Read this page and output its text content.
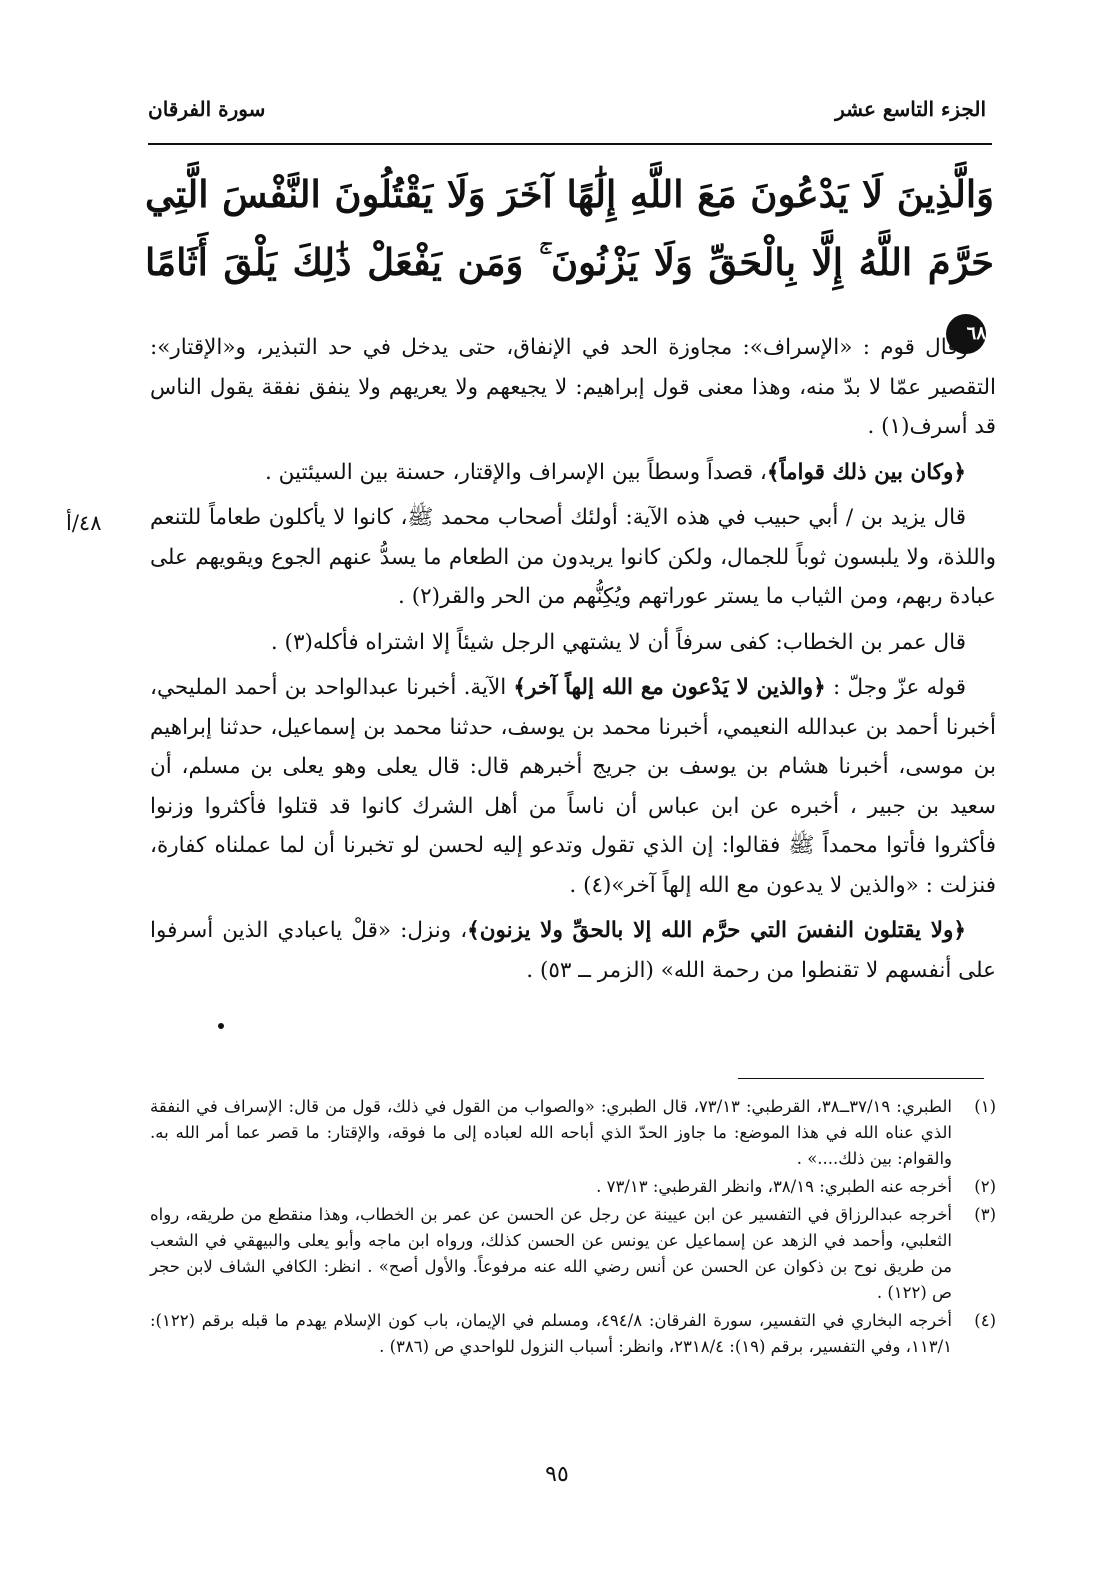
الجزء التاسع عشر
سورة الفرقان
وَالَّذِينَ لَا يَدْعُونَ مَعَ اللَّهِ إِلَٰهًا آخَرَ وَلَا يَقْتُلُونَ النَّفْسَ الَّتِي حَرَّمَ اللَّهُ إِلَّا بِالْحَقِّ وَلَا يَزْنُونَ ۚ وَمَن يَفْعَلْ ذَٰلِكَ يَلْقَ أَثَامًا ٦٨
٤٨/أ

وقال قوم : «الإسراف»: مجاوزة الحد في الإنفاق، حتى يدخل في حد التبذير، و«الإقتار»: التقصير عمّا لا بدّ منه، وهذا معنى قول إبراهيم: لا يجيعهم ولا يعريهم ولا ينفق نفقة يقول الناس قد أسرف(١) .

﴿وكان بين ذلك قواماً﴾، قصداً وسطاً بين الإسراف والإقتار، حسنة بين السيئتين .

قال يزيد بن / أبي حبيب في هذه الآية: أولئك أصحاب محمد ﷺ، كانوا لا يأكلون طعاماً للتنعم واللذة، ولا يلبسون ثوباً للجمال، ولكن كانوا يريدون من الطعام ما يسدُّ عنهم الجوع ويقويهم على عبادة ربهم، ومن الثياب ما يستر عوراتهم ويُكِنُّهم من الحر والقر(٢) .

قال عمر بن الخطاب: كفى سرفاً أن لا يشتهي الرجل شيئاً إلا اشتراه فأكله(٣) .

قوله عزّ وجلّ : ﴿والذين لا يَدْعون مع الله إلهاً آخر﴾ الآية. أخبرنا عبدالواحد بن أحمد المليحي، أخبرنا أحمد بن عبدالله النعيمي، أخبرنا محمد بن يوسف، حدثنا محمد بن إسماعيل، حدثنا إبراهيم بن موسى، أخبرنا هشام بن يوسف بن جريج أخبرهم قال: قال يعلى وهو يعلى بن مسلم، أن سعيد بن جبير ، أخبره عن ابن عباس أن ناساً من أهل الشرك كانوا قد قتلوا فأكثروا وزنوا فأكثروا فأتوا محمداً ﷺ فقالوا: إن الذي تقول وتدعو إليه لحسن لو تخبرنا أن لما عملناه كفارة، فنزلت : «والذين لا يدعون مع الله إلهاً آخر»(٤) .

﴿ولا يقتلون النفسَ التي حرَّم الله إلا بالحقِّ ولا يزنون﴾، ونزل: «قلْ ياعبادي الذين أسرفوا على أنفسهم لا تقنطوا من رحمة الله» (الزمر ــ ٥٣) .

(١)
الطبري: ٣٧/١٩ــ٣٨، القرطبي: ٧٣/١٣، قال الطبري: «والصواب من القول في ذلك، قول من قال: الإسراف في النفقة الذي عناه الله في هذا الموضع: ما جاوز الحدّ الذي أباحه الله لعباده إلى ما فوقه، والإقتار: ما قصر عما أمر الله به. والقوام: بين ذلك....» .
(٢)
أخرجه عنه الطبري: ٣٨/١٩، وانظر القرطبي: ٧٣/١٣ .
(٣)
أخرجه عبدالرزاق في التفسير عن ابن عيينة عن رجل عن الحسن عن عمر بن الخطاب، وهذا منقطع من طريقه، رواه الثعلبي، وأحمد في الزهد عن إسماعيل عن يونس عن الحسن كذلك، ورواه ابن ماجه وأبو يعلى والبيهقي في الشعب من طريق نوح بن ذكوان عن الحسن عن أنس رضي الله عنه مرفوعاً. والأول أصح» . انظر: الكافي الشاف لابن حجر ص (١٢٢) .
(٤)
أخرجه البخاري في التفسير، سورة الفرقان: ٤٩٤/٨، ومسلم في الإيمان، باب كون الإسلام يهدم ما قبله برقم (١٢٢): ١١٣/١، وفي التفسير، برقم (١٩): ٢٣١٨/٤، وانظر: أسباب النزول للواحدي ص (٣٨٦) .
٩٥
